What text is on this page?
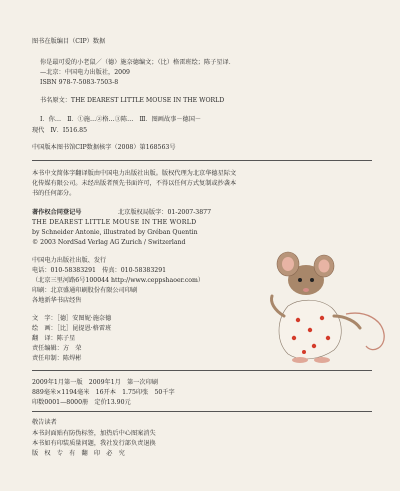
图书在版编目（CIP）数据
你是最可爱的小老鼠／（德）施奈德编文；（比）格雷班绘；陈子星译．
—北京：中国电力出版社，2009
ISBN 978-7-5083-7503-8
书名原文：THE DEAREST LITTLE MOUSE IN THE WORLD
Ⅰ．你…　Ⅱ．①施…②格…③陈…　Ⅲ．图画故事－德国－
现代　Ⅳ．I516.85
中国版本图书馆CIP数据核字（2008）第168563号
本书中文简体字翻译版由中国电力出版社出版。版权代理为北京华德星际文
化传媒有限公司。未经出版者预先书面许可，不得以任何方式复制或抄袭本
书的任何部分。
著作权合同登记号	北京版权局版字：01-2007-3877
THE DEAREST LITTLE MOUSE IN THE WORLD
by Schneider Antonie, illustrated by Gréban Quentin
© 2003 NordSad Verlag AG Zurich / Switzerland
中国电力出版社出版、发行
电话：010-58383291　传真：010-58383291
（北京三里河路6号100044 http://www.ceppshaoer.com）
印刷：北京盛通印刷股份有限公司印刷
各地新华书店经售
文　字：［德］安图妮·施奈德
绘　画：［比］昆提恩·格雷班
翻　译：陈子星
责任编辑：方　荣
责任印制：陈焊彬
2009年1月第一版　2009年1月　第一次印刷
889毫米×1194毫米　16开本　1.75印张　50千字
印数0001—8000册　定价13.90元
敬告读者
本书封面贴有防伪标签，加热后中心图案消失
本书如有印装质量问题，我社发行部负责退换
版　权　专　有　翻　印　必　究
